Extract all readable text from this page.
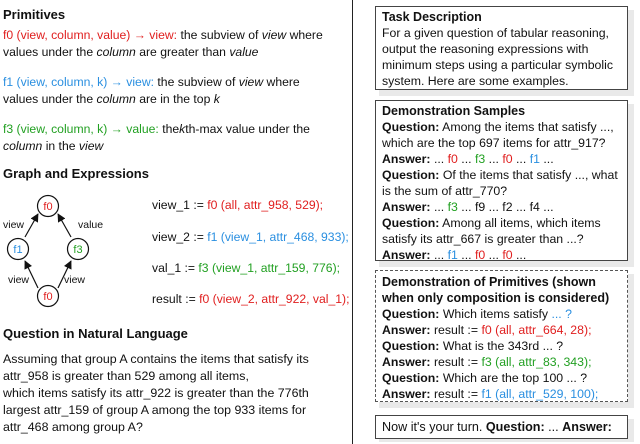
Primitives
f0 (view, column, value) → view: the subview of view where
values under the column are greater than value
f1 (view, column, k) → view: the subview of view where
values under the column are in the top k
f3 (view, column, k) → value: thekth-max value under the
column in the view
Graph and Expressions
f0
f1	f3
f0
view	value
view	view
view_1 := f0 (all, attr_958, 529);
view_2 := f1 (view_1, attr_468, 933);
val_1 := f3 (view_1, attr_159, 776);
result := f0 (view_2, attr_922, val_1);
Question in Natural Language
Assuming that group A contains the items that satisfy its
attr_958 is greater than 529 among all items,
which items satisfy its attr_922 is greater than the 776th
largest attr_159 of group A among the top 933 items for
attr_468 among group A?
Task Description
For a given question of tabular reasoning,
output the reasoning expressions with
minimum steps using a particular symbolic
system. Here are some examples.
Demonstration Samples
Question: Among the items that satisfy ...,
which are the top 697 items for attr_917?
Answer: ... f0 ... f3 ... f0 ... f1 ...
Question: Of the items that satisfy ..., what
is the sum of attr_770?
Answer: ... f3 ... f9 ... f2 ... f4 ...
Question: Among all items, which items
satisfy its attr_667 is greater than ...?
Answer: ... f1 ... f0 ... f0 ...
Demonstration of Primitives (shown
when only composition is considered)
Question: Which items satisfy ... ?
Answer: result := f0 (all, attr_664, 28);
Question: What is the 343rd ... ?
Answer: result := f3 (all, attr_83, 343);
Question: Which are the top 100 ... ?
Answer: result := f1 (all, attr_529, 100);
Now it's your turn. Question: ... Answer:
